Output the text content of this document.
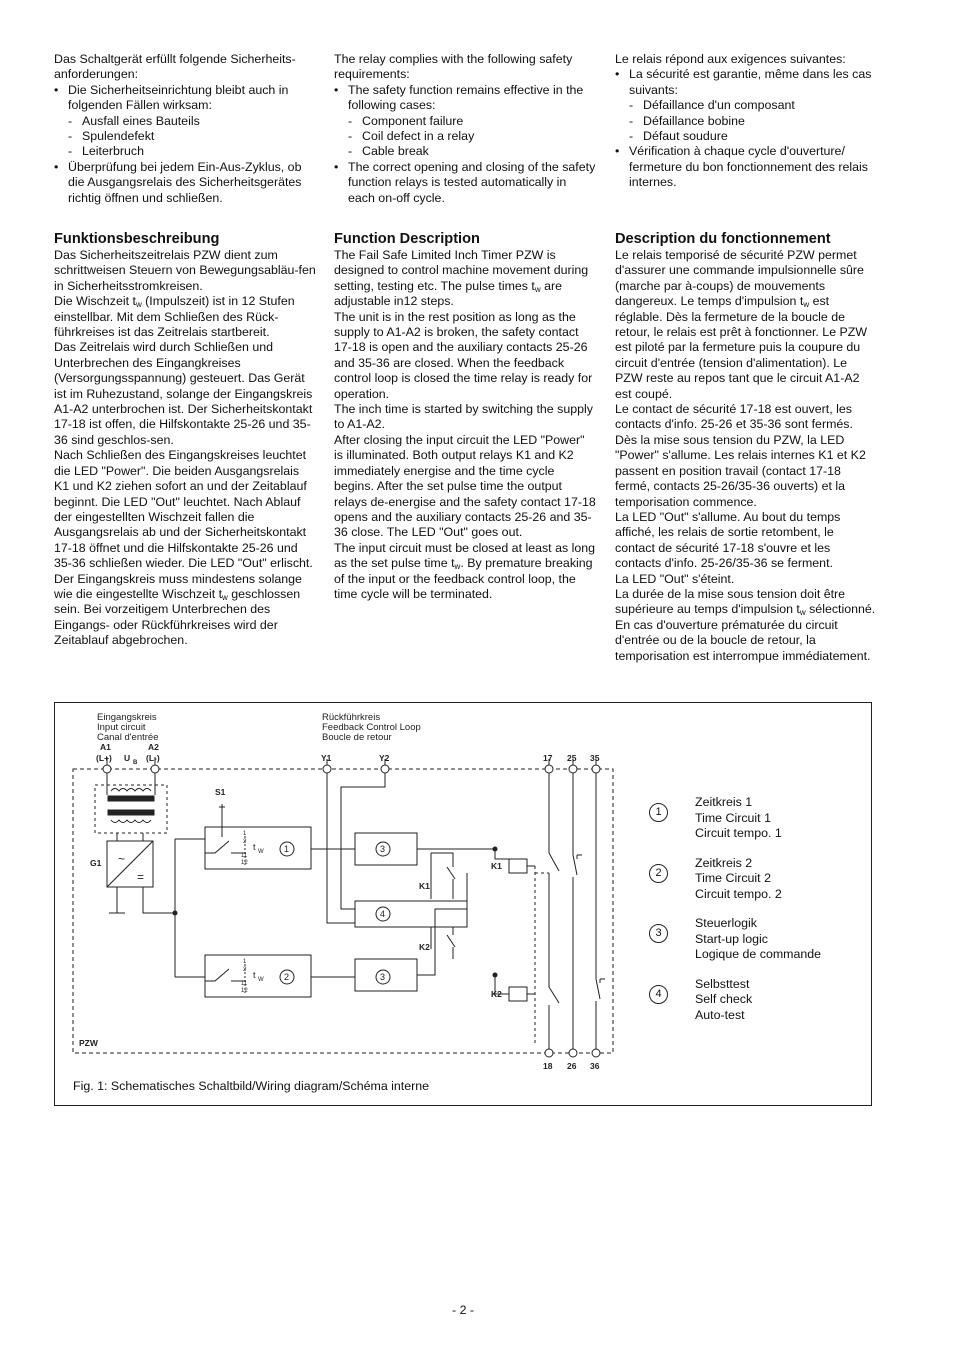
Das Schaltgerät erfüllt folgende Sicherheits-anforderungen:

• Die Sicherheitseinrichtung bleibt auch in folgenden Fällen wirksam:
- Ausfall eines Bauteils
- Spulendefekt
- Leiterbruch
• Überprüfung bei jedem Ein-Aus-Zyklus, ob die Ausgangsrelais des Sicherheitsgerätes richtig öffnen und schließen.

The relay complies with the following safety requirements:

• The safety function remains effective in the following cases:
- Component failure
- Coil defect in a relay
- Cable break
• The correct opening and closing of the safety function relays is tested automatically in each on-off cycle.

Le relais répond aux exigences suivantes:

• La sécurité est garantie, même dans les cas suivants:
- Défaillance d'un composant
- Défaillance bobine
- Défaut soudure
• Vérification à chaque cycle d'ouverture/ fermeture du bon fonctionnement des relais internes.
Funktionsbeschreibung

Das Sicherheitszeitrelais PZW dient zum schrittweisen Steuern von Bewegungsabläu-fen in Sicherheitsstromkreisen.

Die Wischzeit $t_w$ (Impulszeit) ist in 12 Stufen einstellbar. Mit dem Schließen des Rück-führkreises ist das Zeitrelais startbereit.

Das Zeitrelais wird durch Schließen und Unterbrechen des Eingangkreises (Versorgungsspannung) gesteuert. Das Gerät ist im Ruhezustand, solange der Eingangskreis A1-A2 unterbrochen ist. Der Sicherheitskontakt 17-18 ist offen, die Hilfskontakte 25-26 und 35-36 sind geschlos-sen.

Nach Schließen des Eingangskreises leuchtet die LED "Power". Die beiden Ausgangsrelais K1 und K2 ziehen sofort an und der Zeitablauf beginnt. Die LED "Out" leuchtet. Nach Ablauf der eingestellten Wischzeit fallen die Ausgangsrelais ab und der Sicherheitskontakt 17-18 öffnet und die Hilfskontakte 25-26 und 35-36 schließen wieder. Die LED "Out" erlischt.

Der Eingangskreis muss mindestens solange wie die eingestellte Wischzeit $t_w$ geschlossen sein. Bei vorzeitigem Unterbrechen des Eingangs- oder Rückführkreises wird der Zeitablauf abgebrochen.

Function Description

The Fail Safe Limited Inch Timer PZW is designed to control machine movement during setting, testing etc. The pulse times $t_w$ are adjustable in12 steps.

The unit is in the rest position as long as the supply to A1-A2 is broken, the safety contact 17-18 is open and the auxiliary contacts 25-26 and 35-36 are closed. When the feedback control loop is closed the time relay is ready for operation.

The inch time is started by switching the supply to A1-A2.

After closing the input circuit the LED "Power" is illuminated. Both output relays K1 and K2 immediately energise and the time cycle begins. After the set pulse time the output relays de-energise and the safety contact 17-18 opens and the auxiliary contacts 25-26 and 35-36 close. The LED "Out" goes out.

The input circuit must be closed at least as long as the set pulse time $t_w$. By premature breaking of the input or the feedback control loop, the time cycle will be terminated.

Description du fonctionnement

Le relais temporisé de sécurité PZW permet d'assurer une commande impulsionnelle sûre (marche par à-coups) de mouvements dangereux. Le temps d'impulsion $t_w$ est réglable. Dès la fermeture de la boucle de retour, le relais est prêt à fonctionner. Le PZW est piloté par la fermeture puis la coupure du circuit d'entrée (tension d'alimentation). Le PZW reste au repos tant que le circuit A1-A2 est coupé.

Le contact de sécurité 17-18 est ouvert, les contacts d'info. 25-26 et 35-36 sont fermés. Dès la mise sous tension du PZW, la LED "Power" s'allume. Les relais internes K1 et K2 passent en position travail (contact 17-18 fermé, contacts 25-26/35-36 ouverts) et la temporisation commence.

La LED "Out" s'allume. Au bout du temps affiché, les relais de sortie retombent, le contact de sécurité 17-18 s'ouvre et les contacts d'info. 25-26/35-36 se ferment.

La LED "Out" s'éteint.

La durée de la mise sous tension doit être supérieure au temps d'impulsion $t_w$ sélectionné. En cas d'ouverture prématurée du circuit d'entrée ou de la boucle de retour, la temporisation est interrompue immédiatement.

Eingangskreis
Input circuit
Canal d'entrée
Rückführkreis
Feedback Control Loop
Boucle de retour
A1
(L+)
A2
(L-)
U B	Y1	Y2	17 25 35
18 26 36
S1
G1
K1
K2
K1
K2
PZW
~
=
1
2
11
12
1
2
11
12
t W
t W
1
2
3
4
3
1
Zeitkreis 1
Time Circuit 1
Circuit tempo. 1
2
Zeitkreis 2
Time Circuit 2
Circuit tempo. 2
3
Steuerlogik
Start-up logic
Logique de commande
4
Selbsttest
Self check
Auto-test
Fig. 1: Schematisches Schaltbild/Wiring diagram/Schéma interne
- 2 -
